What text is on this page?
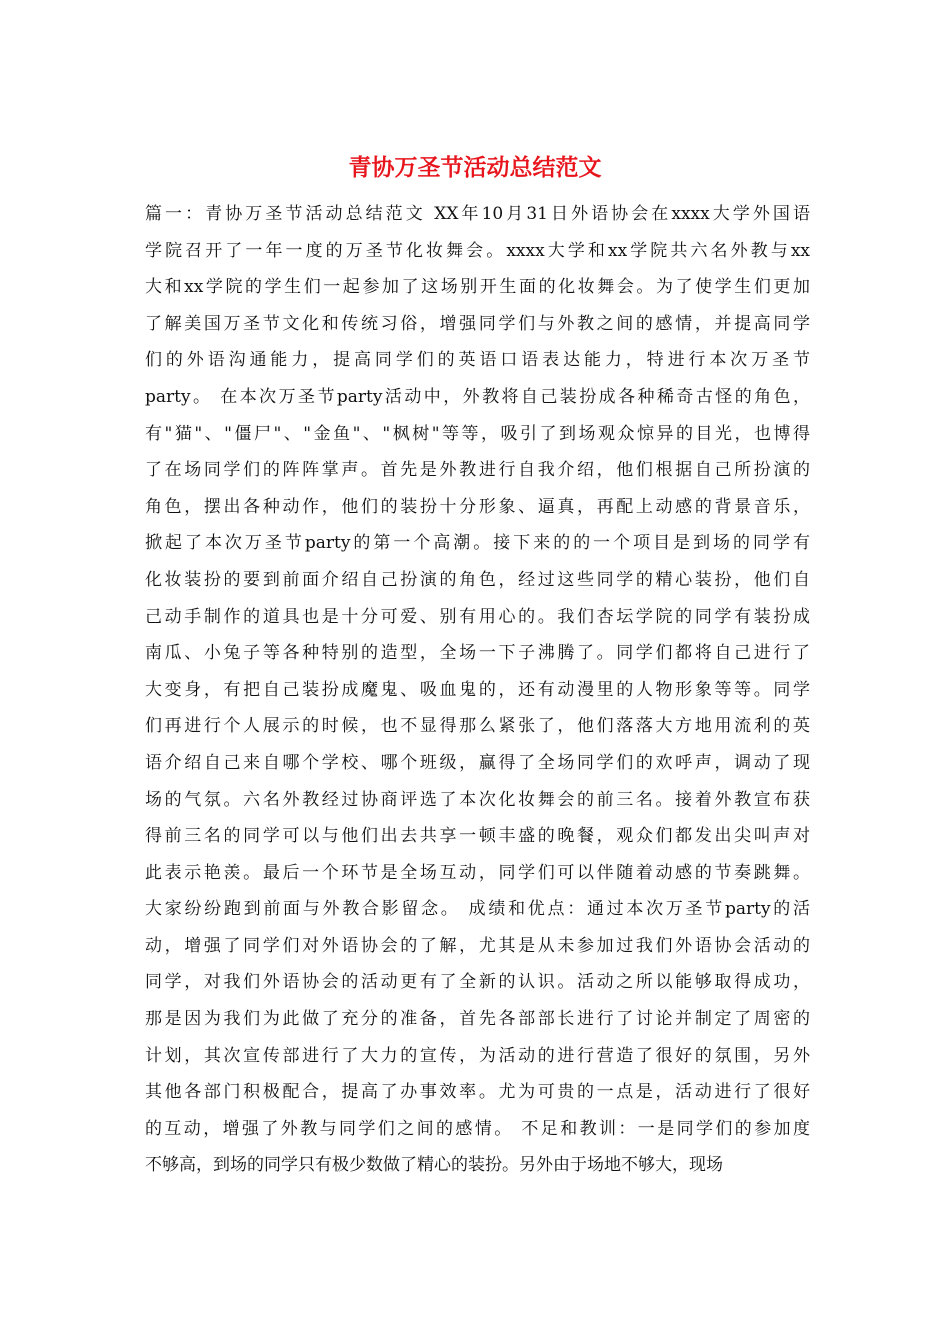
青协万圣节活动总结范文
篇一：青协万圣节活动总结范文 XX年10月31日外语协会在xxxx大学外国语
学院召开了一年一度的万圣节化妆舞会。xxxx大学和xx学院共六名外教与xx
大和xx学院的学生们一起参加了这场别开生面的化妆舞会。为了使学生们更加
了解美国万圣节文化和传统习俗，增强同学们与外教之间的感情，并提高同学
们的外语沟通能力，提高同学们的英语口语表达能力，特进行本次万圣节
party。 在本次万圣节party活动中，外教将自己装扮成各种稀奇古怪的角色，
有"猫"、"僵尸"、"金鱼"、"枫树"等等，吸引了到场观众惊异的目光，也博得
了在场同学们的阵阵掌声。首先是外教进行自我介绍，他们根据自己所扮演的
角色，摆出各种动作，他们的装扮十分形象、逼真，再配上动感的背景音乐，
掀起了本次万圣节party的第一个高潮。接下来的的一个项目是到场的同学有
化妆装扮的要到前面介绍自己扮演的角色，经过这些同学的精心装扮，他们自
己动手制作的道具也是十分可爱、别有用心的。我们杏坛学院的同学有装扮成
南瓜、小兔子等各种特别的造型，全场一下子沸腾了。同学们都将自己进行了
大变身，有把自己装扮成魔鬼、吸血鬼的，还有动漫里的人物形象等等。同学
们再进行个人展示的时候，也不显得那么紧张了，他们落落大方地用流利的英
语介绍自己来自哪个学校、哪个班级，赢得了全场同学们的欢呼声，调动了现
场的气氛。六名外教经过协商评选了本次化妆舞会的前三名。接着外教宣布获
得前三名的同学可以与他们出去共享一顿丰盛的晚餐，观众们都发出尖叫声对
此表示艳羡。最后一个环节是全场互动，同学们可以伴随着动感的节奏跳舞。
大家纷纷跑到前面与外教合影留念。 成绩和优点：通过本次万圣节party的活
动，增强了同学们对外语协会的了解，尤其是从未参加过我们外语协会活动的
同学，对我们外语协会的活动更有了全新的认识。活动之所以能够取得成功，
那是因为我们为此做了充分的准备，首先各部部长进行了讨论并制定了周密的
计划，其次宣传部进行了大力的宣传，为活动的进行营造了很好的氛围，另外
其他各部门积极配合，提高了办事效率。尤为可贵的一点是，活动进行了很好
的互动，增强了外教与同学们之间的感情。 不足和教训：一是同学们的参加度
不够高，到场的同学只有极少数做了精心的装扮。另外由于场地不够大，现场
